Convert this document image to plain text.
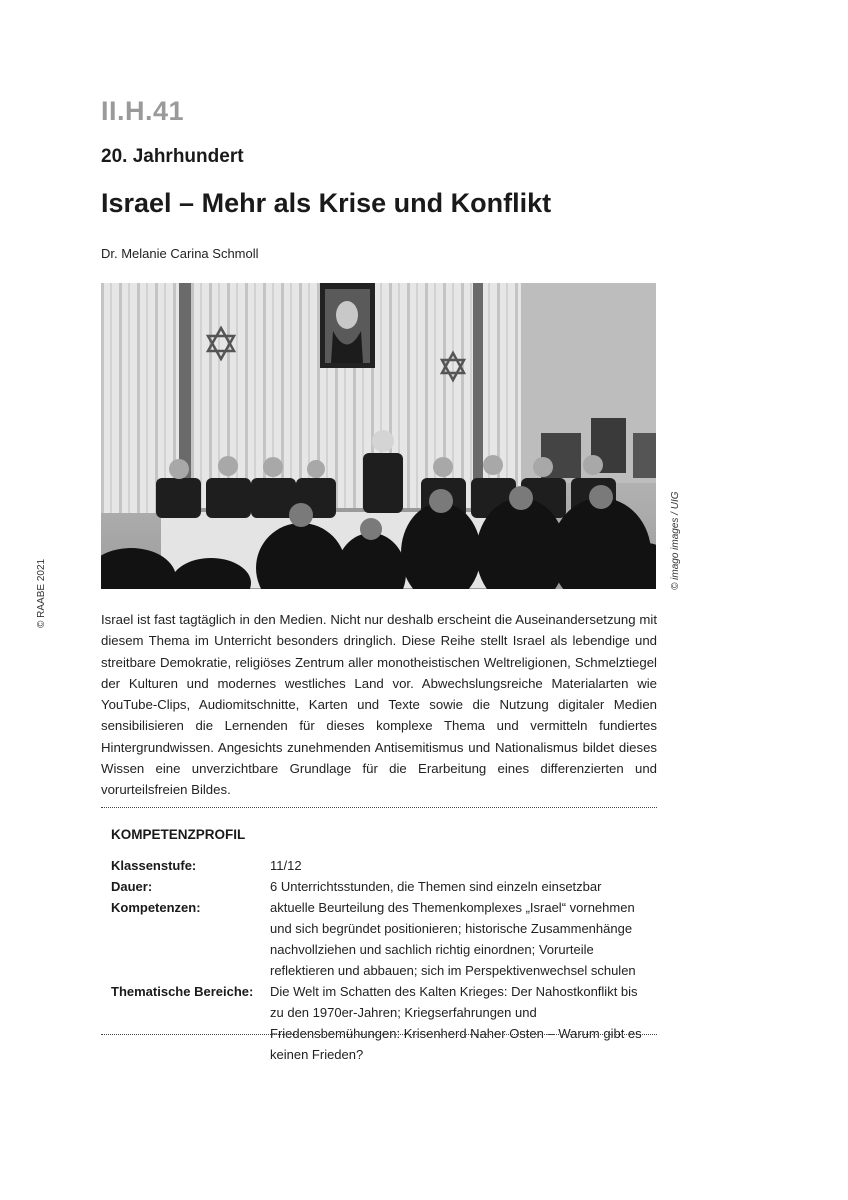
II.H.41
20. Jahrhundert
Israel – Mehr als Krise und Konflikt
Dr. Melanie Carina Schmoll
© imago images / UIG
© RAABE 2021	Israel ist fast tagtäglich in den Medien. Nicht nur deshalb erscheint die Auseinandersetzung mit diesem Thema im Unterricht besonders dringlich. Diese Reihe stellt Israel als lebendige und streitbare Demokratie, religiöses Zentrum aller monotheistischen Weltreligionen, Schmelztiegel der Kulturen und modernes westliches Land vor. Abwechslungsreiche Materialarten wie YouTube-Clips, Audiomitschnitte, Karten und Texte sowie die Nutzung digitaler Medien sensibilisieren die Lernenden für dieses komplexe Thema und vermitteln fundiertes Hintergrundwissen. Angesichts zunehmenden Antisemitismus und Nationalismus bildet dieses Wissen eine unverzichtbare Grundlage für die Erarbeitung eines differenzierten und vorurteilsfreien Bildes.

KOMPETENZPROFIL
Klassenstufe:	11/12
Dauer:	6 Unterrichtsstunden, die Themen sind einzeln einsetzbar
Kompetenzen:	aktuelle Beurteilung des Themenkomplexes „Israel“ vornehmen und sich begründet positionieren; historische Zusammenhänge nachvollziehen und sachlich richtig einordnen; Vorurteile reflektieren und abbauen; sich im Perspektivenwechsel schulen
Thematische Bereiche: Die Welt im Schatten des Kalten Krieges: Der Nahostkonflikt bis zu den 1970er-Jahren; Kriegserfahrungen und Friedensbemühungen: Krisenherd Naher Osten – Warum gibt es keinen Frieden?
